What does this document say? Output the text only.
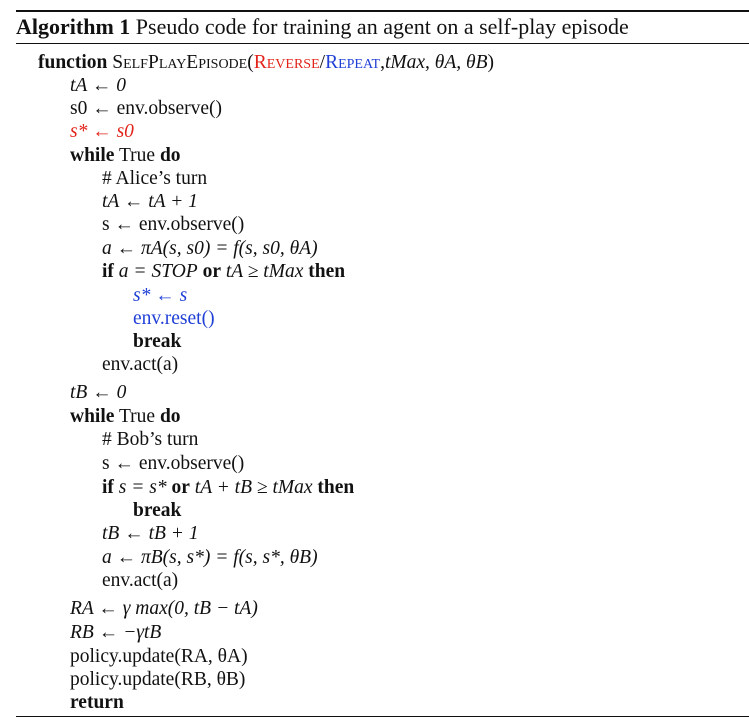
Algorithm 1 Pseudo code for training an agent on a self-play episode
function SelfPlayEpisode(Reverse/Repeat,tMax, θA, θB)
tA ← 0
s0 ← env.observe()
s* ← s0
while True do
# Alice’s turn
tA ← tA + 1
s ← env.observe()
a ← πA(s, s0) = f(s, s0, θA)
if a = STOP or tA ≥ tMax then
s* ← s
env.reset()
break
env.act(a)
tB ← 0
while True do
# Bob’s turn
s ← env.observe()
if s = s* or tA + tB ≥ tMax then
break
tB ← tB + 1
a ← πB(s, s*) = f(s, s*, θB)
env.act(a)
RA ← γ max(0, tB − tA)
RB ← −γtB
policy.update(RA, θA)
policy.update(RB, θB)
return
